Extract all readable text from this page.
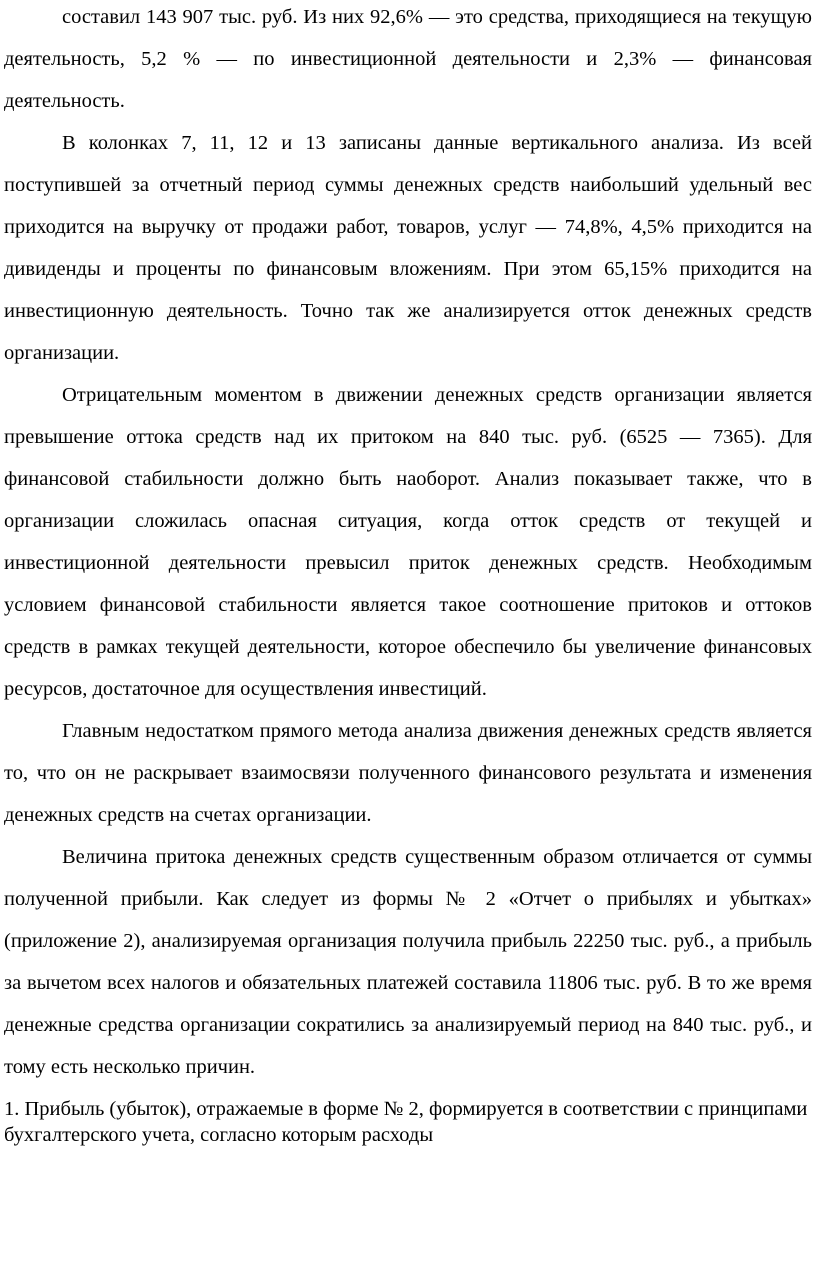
составил 143 907 тыс. руб. Из них 92,6% — это средства, приходящиеся на текущую деятельность, 5,2 % — по инвестиционной деятельности и 2,3% — финансовая деятельность.

В колонках 7, 11, 12 и 13 записаны данные вертикального анализа. Из всей поступившей за отчетный период суммы денежных средств наибольший удельный вес приходится на выручку от продажи работ, товаров, услуг — 74,8%, 4,5% приходится на дивиденды и проценты по финансовым вложениям. При этом 65,15% приходится на инвестиционную деятельность. Точно так же анализируется отток денежных средств организации.

Отрицательным моментом в движении денежных средств организации является превышение оттока средств над их притоком на 840 тыс. руб. (6525 — 7365). Для финансовой стабильности должно быть наоборот. Анализ показывает также, что в организации сложилась опасная ситуация, когда отток средств от текущей и инвестиционной деятельности превысил приток денежных средств. Необходимым условием финансовой стабильности является такое соотношение притоков и оттоков средств в рамках текущей деятельности, которое обеспечило бы увеличение финансовых ресурсов, достаточное для осуществления инвестиций.

Главным недостатком прямого метода анализа движения денежных средств является то, что он не раскрывает взаимосвязи полученного финансового результата и изменения денежных средств на счетах организации.

Величина притока денежных средств существенным образом отличается от суммы полученной прибыли. Как следует из формы № 2 «Отчет о прибылях и убытках» (приложение 2), анализируемая организация получила прибыль 22250 тыс. руб., а прибыль за вычетом всех налогов и обязательных платежей составила 11806 тыс. руб. В то же время денежные средства организации сократились за анализируемый период на 840 тыс. руб., и тому есть несколько причин.

1. Прибыль (убыток), отражаемые в форме № 2, формируется в соответствии с принципами бухгалтерского учета, согласно которым расходы
